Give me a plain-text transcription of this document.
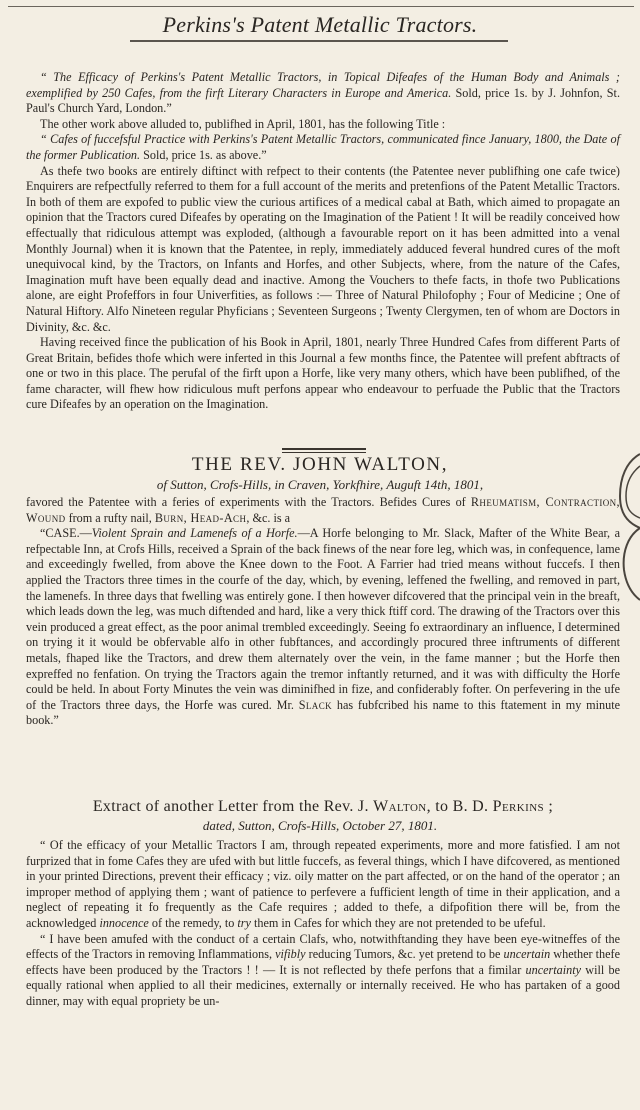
Perkins's Patent Metallic Tractors.

“ The Efficacy of Perkins's Patent Metallic Tractors, in Topical Difeafes of the Human Body and Animals ; exemplified by 250 Cafes, from the firft Literary Characters in Europe and America. Sold, price 1s. by J. Johnfon, St. Paul's Church Yard, London.”

The other work above alluded to, publifhed in April, 1801, has the following Title :

“ Cafes of fuccefsful Practice with Perkins's Patent Metallic Tractors, communicated fince January, 1800, the Date of the former Publication. Sold, price 1s. as above.”

As thefe two books are entirely diftinct with refpect to their contents (the Patentee never publifhing one cafe twice) Enquirers are refpectfully referred to them for a full account of the merits and pretenfions of the Patent Metallic Tractors. In both of them are expofed to public view the curious artifices of a medical cabal at Bath, which aimed to propagate an opinion that the Tractors cured Difeafes by operating on the Imagination of the Patient ! It will be readily conceived how effectually that ridiculous attempt was exploded, (although a favourable report on it has been admitted into a venal Monthly Journal) when it is known that the Patentee, in reply, immediately adduced feveral hundred cures of the moft unequivocal kind, by the Tractors, on Infants and Horfes, and other Subjects, where, from the nature of the Cafes, Imagination muft have been equally dead and inactive. Among the Vouchers to thefe facts, in thofe two Publications alone, are eight Profeffors in four Univerfities, as follows :— Three of Natural Philofophy ; Four of Medicine ; One of Natural Hiftory. Alfo Nineteen regular Phyficians ; Seventeen Surgeons ; Twenty Clergymen, ten of whom are Doctors in Divinity, &c. &c.

Having received fince the publication of his Book in April, 1801, nearly Three Hundred Cafes from different Parts of Great Britain, befides thofe which were inferted in this Journal a few months fince, the Patentee will prefent abftracts of one or two in this place. The perufal of the firft upon a Horfe, like very many others, which have been publifhed, of the fame character, will fhew how ridiculous muft perfons appear who endeavour to perfuade the Public that the Tractors cure Difeafes by an operation on the Imagination.

THE REV. JOHN WALTON,
of Sutton, Crofs-Hills, in Craven, Yorkfhire, Auguft 14th, 1801,

favored the Patentee with a feries of experiments with the Tractors. Befides Cures of Rheumatism, Contraction, Wound from a rufty nail, Burn, Head-Ach, &c. is a

“CASE.—Violent Sprain and Lamenefs of a Horfe.—A Horfe belonging to Mr. Slack, Mafter of the White Bear, a refpectable Inn, at Crofs Hills, received a Sprain of the back finews of the near fore leg, which was, in confequence, lame and exceedingly fwelled, from above the Knee down to the Foot. A Farrier had tried means without fuccefs. I then applied the Tractors three times in the courfe of the day, which, by evening, leffened the fwelling, and removed in part, the lamenefs. In three days that fwelling was entirely gone. I then however difcovered that the principal vein in the breaft, which leads down the leg, was much diftended and hard, like a very thick ftiff cord. The drawing of the Tractors over this vein produced a great effect, as the poor animal trembled exceedingly. Seeing fo extraordinary an influence, I determined on trying it it would be obfervable alfo in other fubftances, and accordingly procured three inftruments of different metals, fhaped like the Tractors, and drew them alternately over the vein, in the fame manner ; but the Horfe then expreffed no fenfation. On trying the Tractors again the tremor inftantly returned, and it was with difficulty the Horfe could be held. In about Forty Minutes the vein was diminifhed in fize, and confiderably fofter. On perfevering in the ufe of the Tractors three days, the Horfe was cured. Mr. Slack has fubfcribed his name to this ftatement in my minute book.”

Extract of another Letter from the Rev. J. Walton, to B. D. Perkins ;
dated, Sutton, Crofs-Hills, October 27, 1801.

“ Of the efficacy of your Metallic Tractors I am, through repeated experiments, more and more fatisfied. I am not furprized that in fome Cafes they are ufed with but little fuccefs, as feveral things, which I have difcovered, as mentioned in your printed Directions, prevent their efficacy ; viz. oily matter on the part affected, or on the hand of the operator ; an improper method of applying them ; want of patience to perfevere a fufficient length of time in their application, and a neglect of repeating it fo frequently as the Cafe requires ; added to thefe, a difpofition there will be, from the acknowledged innocence of the remedy, to try them in Cafes for which they are not pretended to be ufeful.

“ I have been amufed with the conduct of a certain Clafs, who, notwithftanding they have been eye-witneffes of the effects of the Tractors in removing Inflammations, vifibly reducing Tumors, &c. yet pretend to be uncertain whether thefe effects have been produced by the Tractors ! ! — It is not reflected by thefe perfons that a fimilar uncertainty will be equally rational when applied to all their medicines, externally or internally received. He who has partaken of a good dinner, may with equal propriety be un-
